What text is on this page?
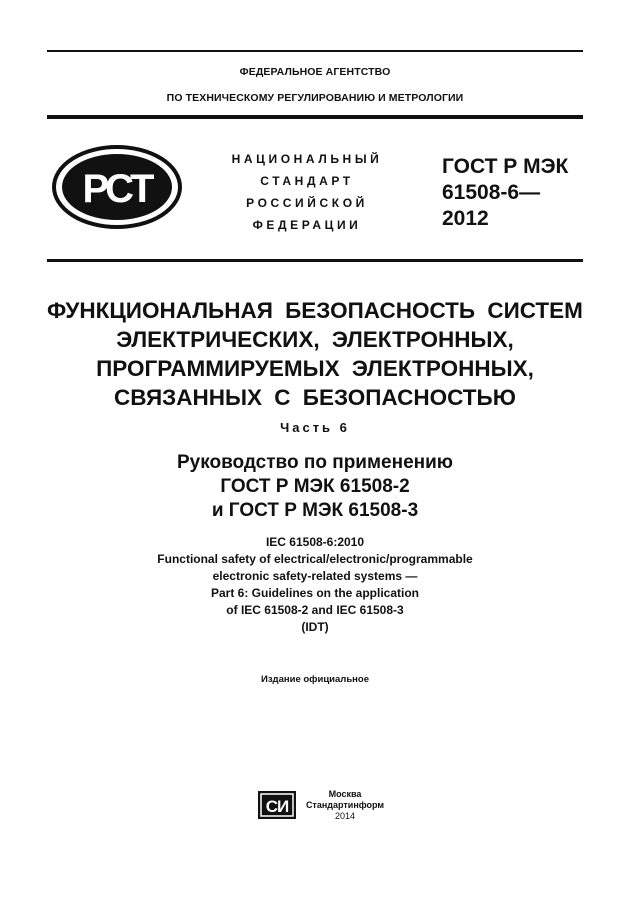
ФЕДЕРАЛЬНОЕ АГЕНТСТВО
ПО ТЕХНИЧЕСКОМУ РЕГУЛИРОВАНИЮ И МЕТРОЛОГИИ
РСТ
НАЦИОНАЛЬНЫЙ
СТАНДАРТ
РОССИЙСКОЙ
ФЕДЕРАЦИИ
ГОСТ Р МЭК
61508-6—
2012
ФУНКЦИОНАЛЬНАЯ БЕЗОПАСНОСТЬ СИСТЕМ
ЭЛЕКТРИЧЕСКИХ, ЭЛЕКТРОННЫХ,
ПРОГРАММИРУЕМЫХ ЭЛЕКТРОННЫХ,
СВЯЗАННЫХ С БЕЗОПАСНОСТЬЮ
Часть 6
Руководство по применению
ГОСТ Р МЭК 61508-2
и ГОСТ Р МЭК 61508-3
IEC 61508-6:2010
Functional safety of electrical/electronic/programmable
electronic safety-related systems —
Part 6: Guidelines on the application
of IEC 61508-2 and IEC 61508-3
(IDT)
Издание официальное
СИ
Москва
Стандартинформ
2014
